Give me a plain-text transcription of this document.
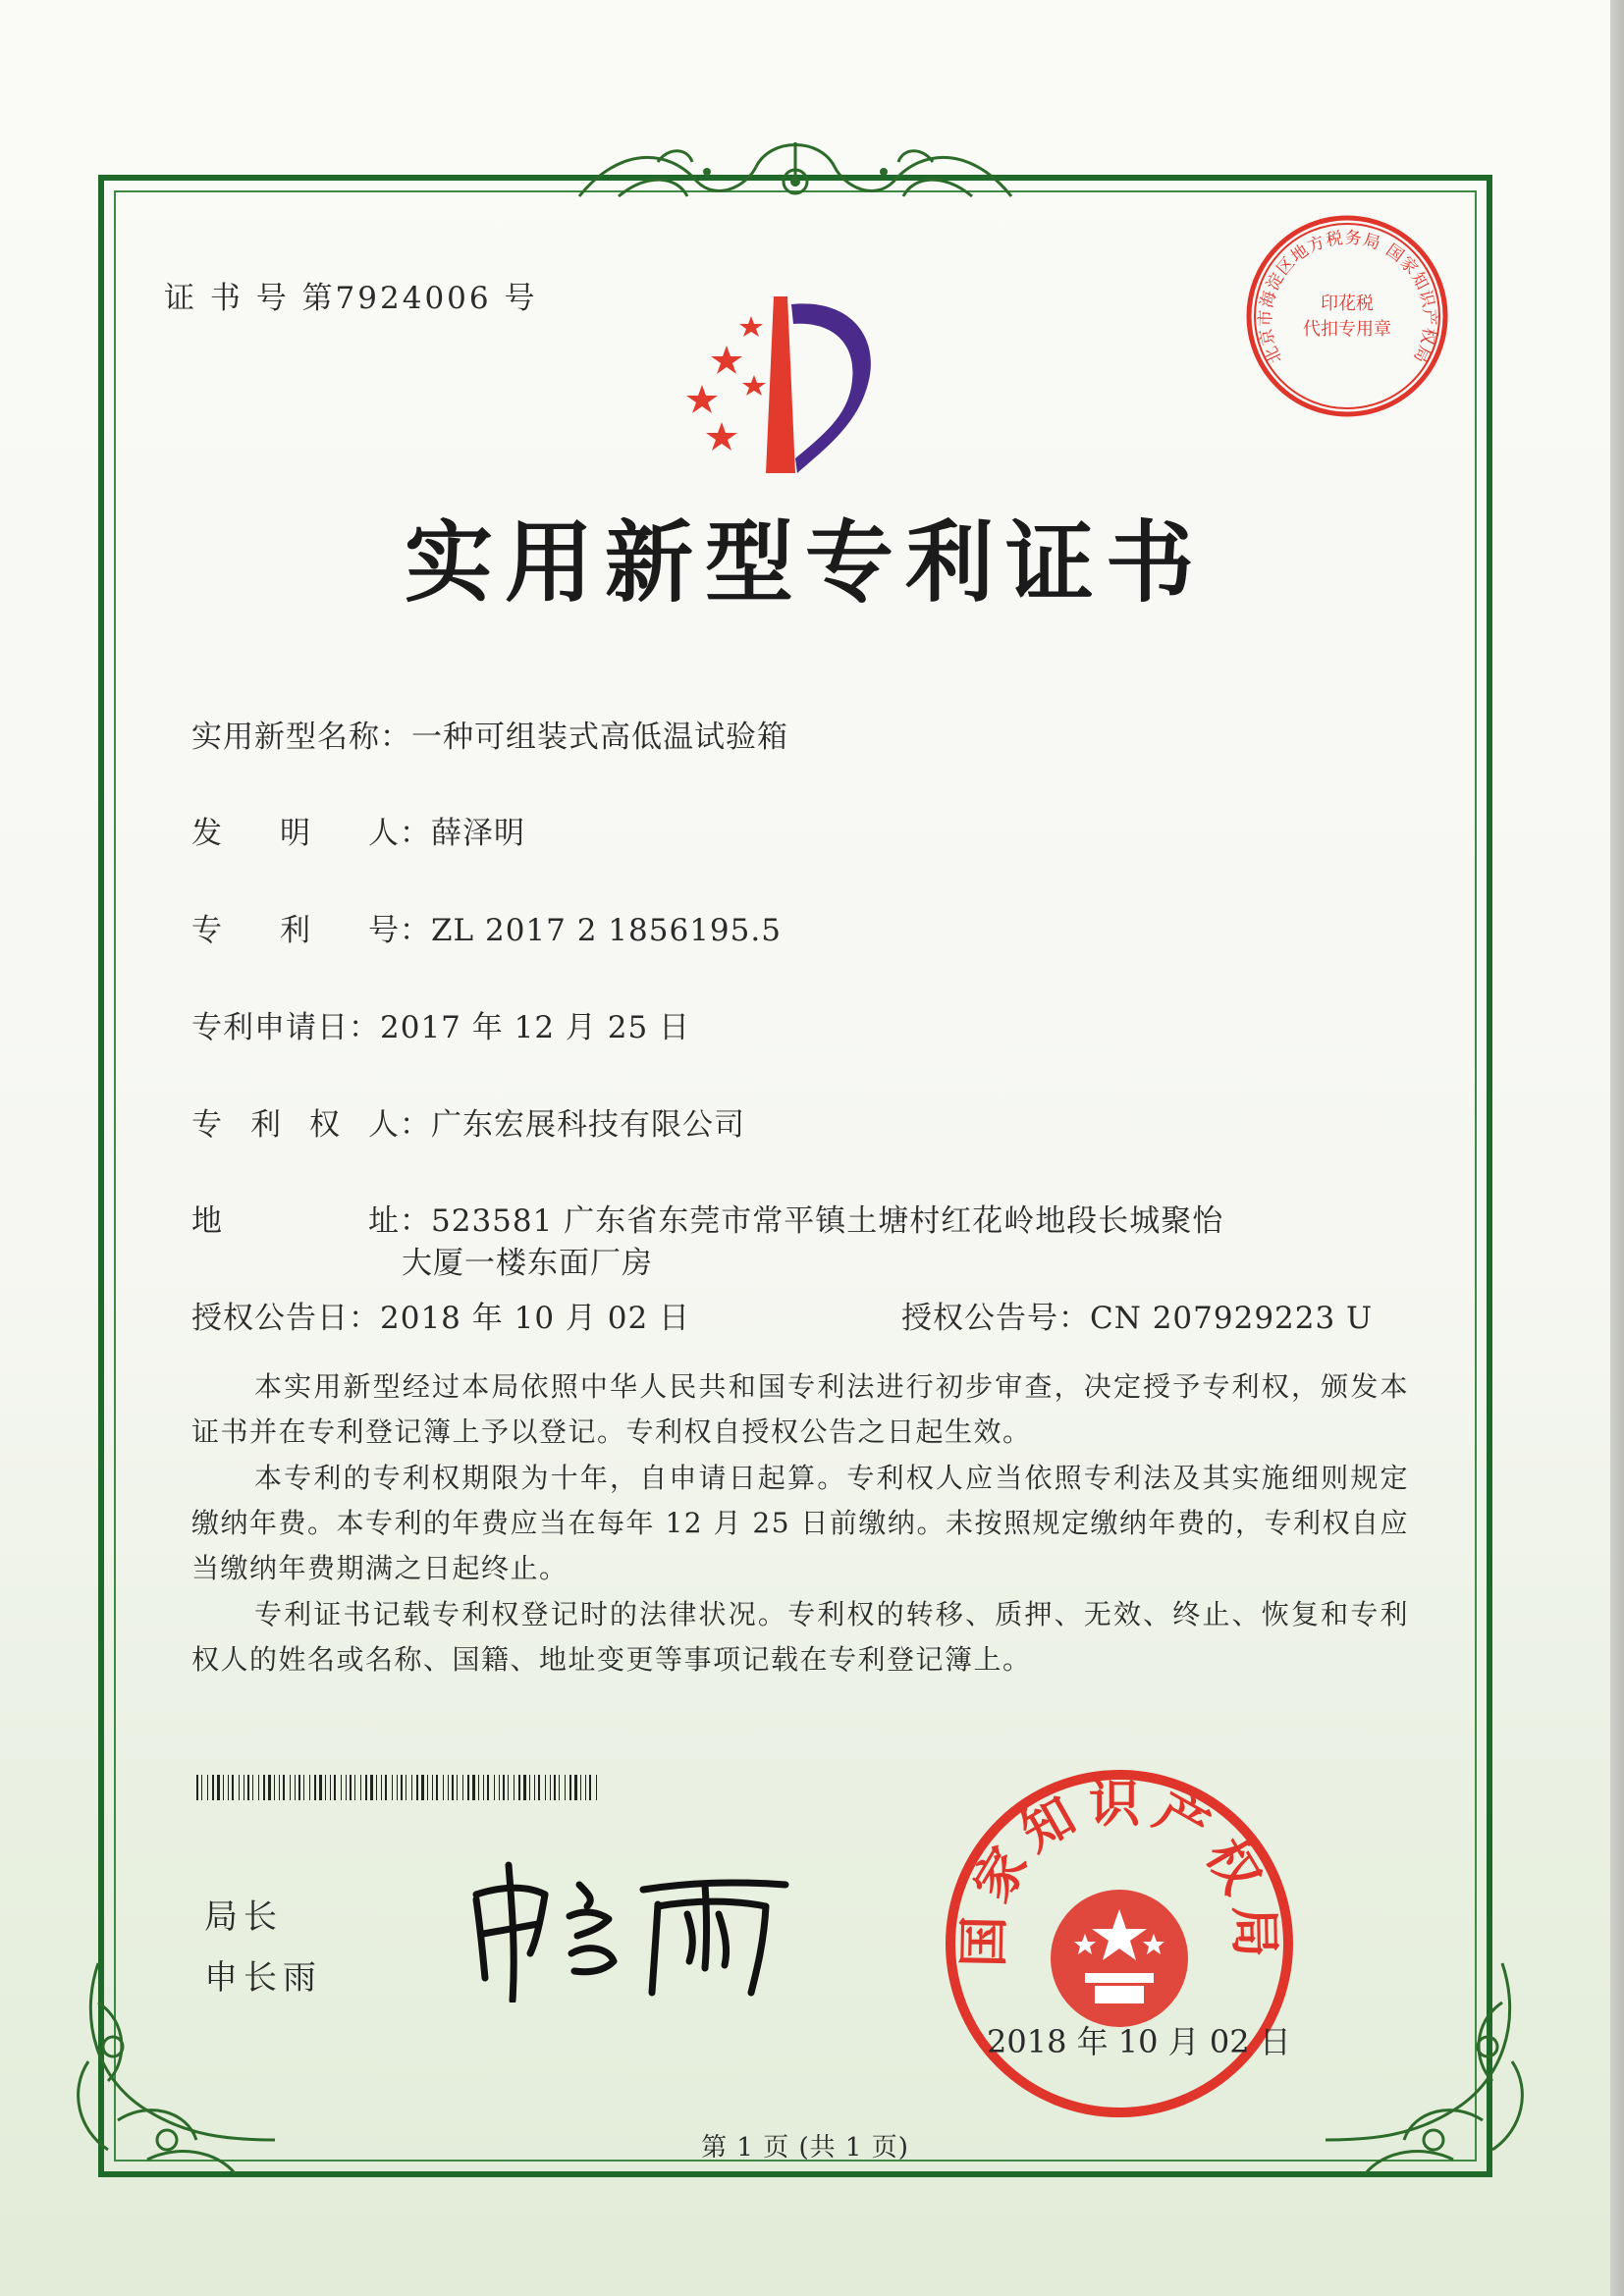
证 书 号 第7924006 号
实用新型专利证书
实用新型名称：一种可组装式高低温试验箱
发 明 人 ：薛泽明
专 利 号 ：ZL 2017 2 1856195.5
专利申请日：2017 年 12 月 25 日
专 利 权 人 ：广东宏展科技有限公司
地	址 ：523581 广东省东莞市常平镇土塘村红花岭地段长城聚怡
大厦一楼东面厂房
授权公告日：2018 年 10 月 02 日	授权公告号：CN 207929223 U

本实用新型经过本局依照中华人民共和国专利法进行初步审查，决定授予专利权，颁发本证书并在专利登记簿上予以登记。专利权自授权公告之日起生效。

本专利的专利权期限为十年，自申请日起算。专利权人应当依照专利法及其实施细则规定缴纳年费。本专利的年费应当在每年 12 月 25 日前缴纳。未按照规定缴纳年费的，专利权自应当缴纳年费期满之日起终止。

专利证书记载专利权登记时的法律状况。专利权的转移、质押、无效、终止、恢复和专利权人的姓名或名称、国籍、地址变更等事项记载在专利登记簿上。

局长
申长雨
国家知识产权局
2018 年 10 月 02 日
北京市海淀区地方税务局 国家知识产权局
印花税
代扣专用章
第 1 页 (共 1 页)
